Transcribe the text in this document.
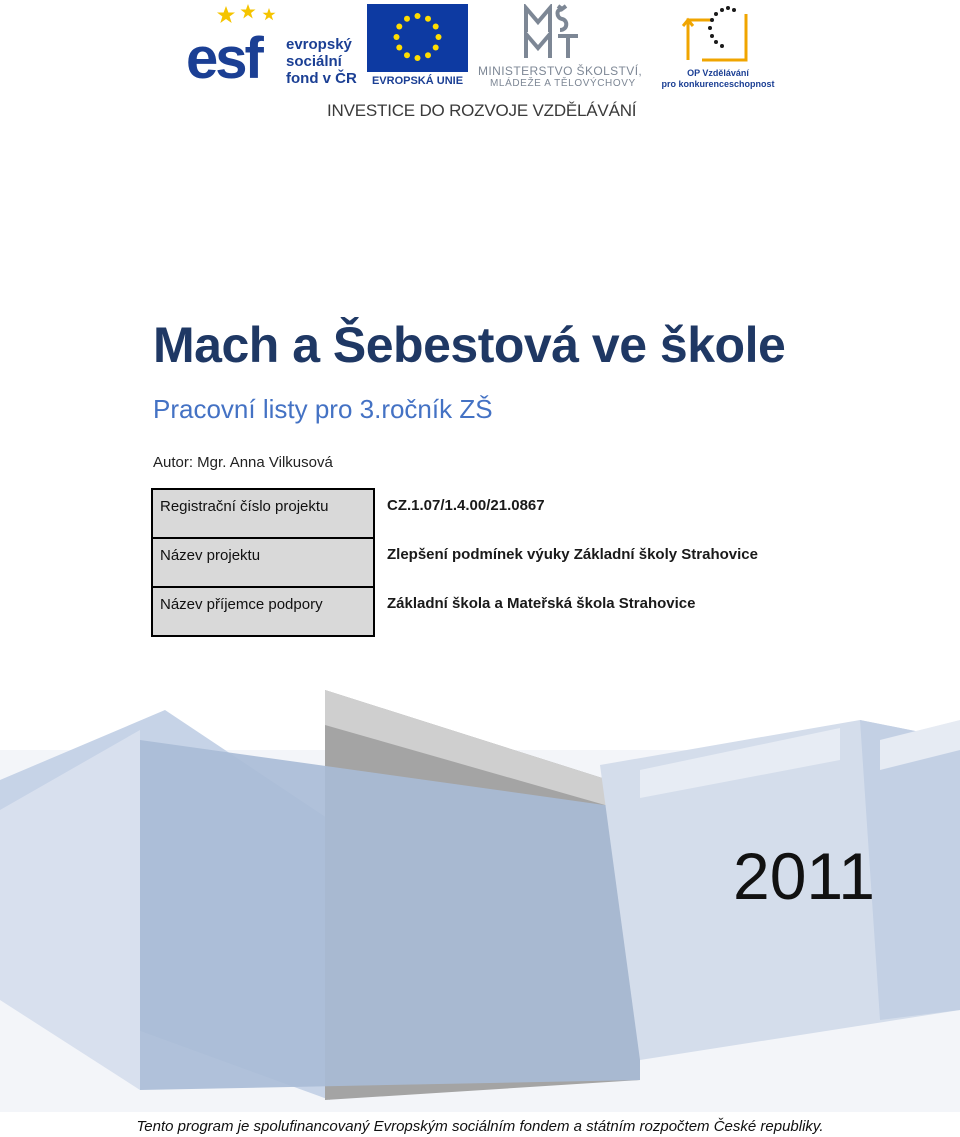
esf evropský
sociální
fond v ČR	EVROPSKÁ UNIE
MINISTERSTVO ŠKOLSTVÍ,
MLÁDEŽE A TĚLOVÝCHOVY
OP Vzdělávání
pro konkurenceschopnost
INVESTICE DO ROZVOJE VZDĚLÁVÁNÍ
Mach a Šebestová ve škole
Pracovní listy pro 3.ročník ZŠ
Autor: Mgr. Anna Vilkusová
Registrační číslo projektu	CZ.1.07/1.4.00/21.0867
Název projektu	Zlepšení podmínek výuky Základní školy Strahovice
Název příjemce podpory	Základní škola a Mateřská škola Strahovice
2011
Tento program je spolufinancovaný Evropským sociálním fondem a státním rozpočtem České republiky.
